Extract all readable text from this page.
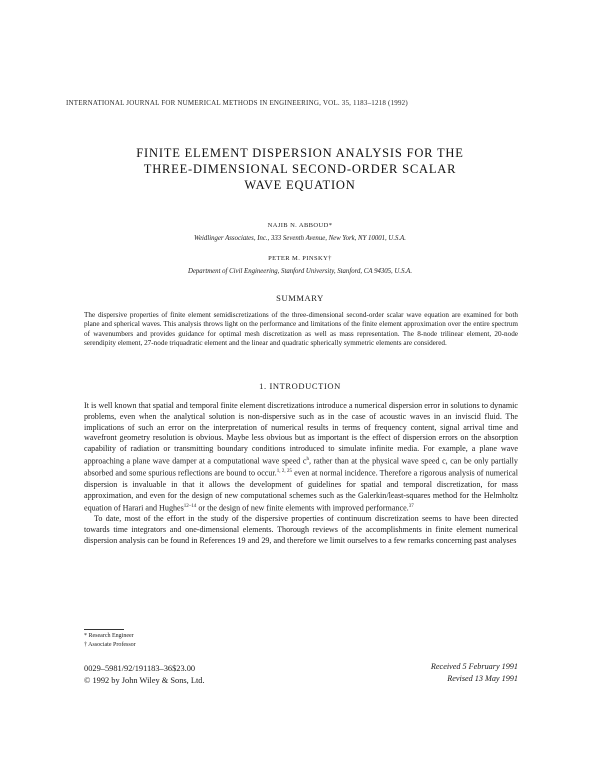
INTERNATIONAL JOURNAL FOR NUMERICAL METHODS IN ENGINEERING, VOL. 35, 1183–1218 (1992)
FINITE ELEMENT DISPERSION ANALYSIS FOR THE
THREE-DIMENSIONAL SECOND-ORDER SCALAR
WAVE EQUATION
NAJIB N. ABBOUD*
Weidlinger Associates, Inc., 333 Seventh Avenue, New York, NY 10001, U.S.A.
PETER M. PINSKY†
Department of Civil Engineering, Stanford University, Stanford, CA 94305, U.S.A.
SUMMARY
The dispersive properties of finite element semidiscretizations of the three-dimensional second-order scalar wave equation are examined for both plane and spherical waves. This analysis throws light on the performance and limitations of the finite element approximation over the entire spectrum of wavenumbers and provides guidance for optimal mesh discretization as well as mass representation. The 8-node trilinear element, 20-node serendipity element, 27-node triquadratic element and the linear and quadratic spherically symmetric elements are considered.
1. INTRODUCTION

It is well known that spatial and temporal finite element discretizations introduce a numerical dispersion error in solutions to dynamic problems, even when the analytical solution is non-dispersive such as in the case of acoustic waves in an inviscid fluid. The implications of such an error on the interpretation of numerical results in terms of frequency content, signal arrival time and wavefront geometry resolution is obvious. Maybe less obvious but as important is the effect of dispersion errors on the absorption capability of radiation or transmitting boundary conditions introduced to simulate infinite media. For example, a plane wave approaching a plane wave damper at a computational wave speed $c^h$, rather than at the physical wave speed c, can be only partially absorbed and some spurious reflections are bound to occur.$^{1, 2, 25}$ even at normal incidence. Therefore a rigorous analysis of numerical dispersion is invaluable in that it allows the development of guidelines for spatial and temporal discretization, for mass approximation, and even for the design of new computational schemes such as the Galerkin/least-squares method for the Helmholtz equation of Harari and Hughes$^{12-14}$ or the design of new finite elements with improved performance.$^{37}$

To date, most of the effort in the study of the dispersive properties of continuum discretization seems to have been directed towards time integrators and one-dimensional elements. Thorough reviews of the accomplishments in finite element numerical dispersion analysis can be found in References 19 and 29, and therefore we limit ourselves to a few remarks concerning past analyses

* Research Engineer
† Associate Professor
0029–5981/92/191183–36$23.00
© 1992 by John Wiley & Sons, Ltd.
Received 5 February 1991
Revised 13 May 1991
